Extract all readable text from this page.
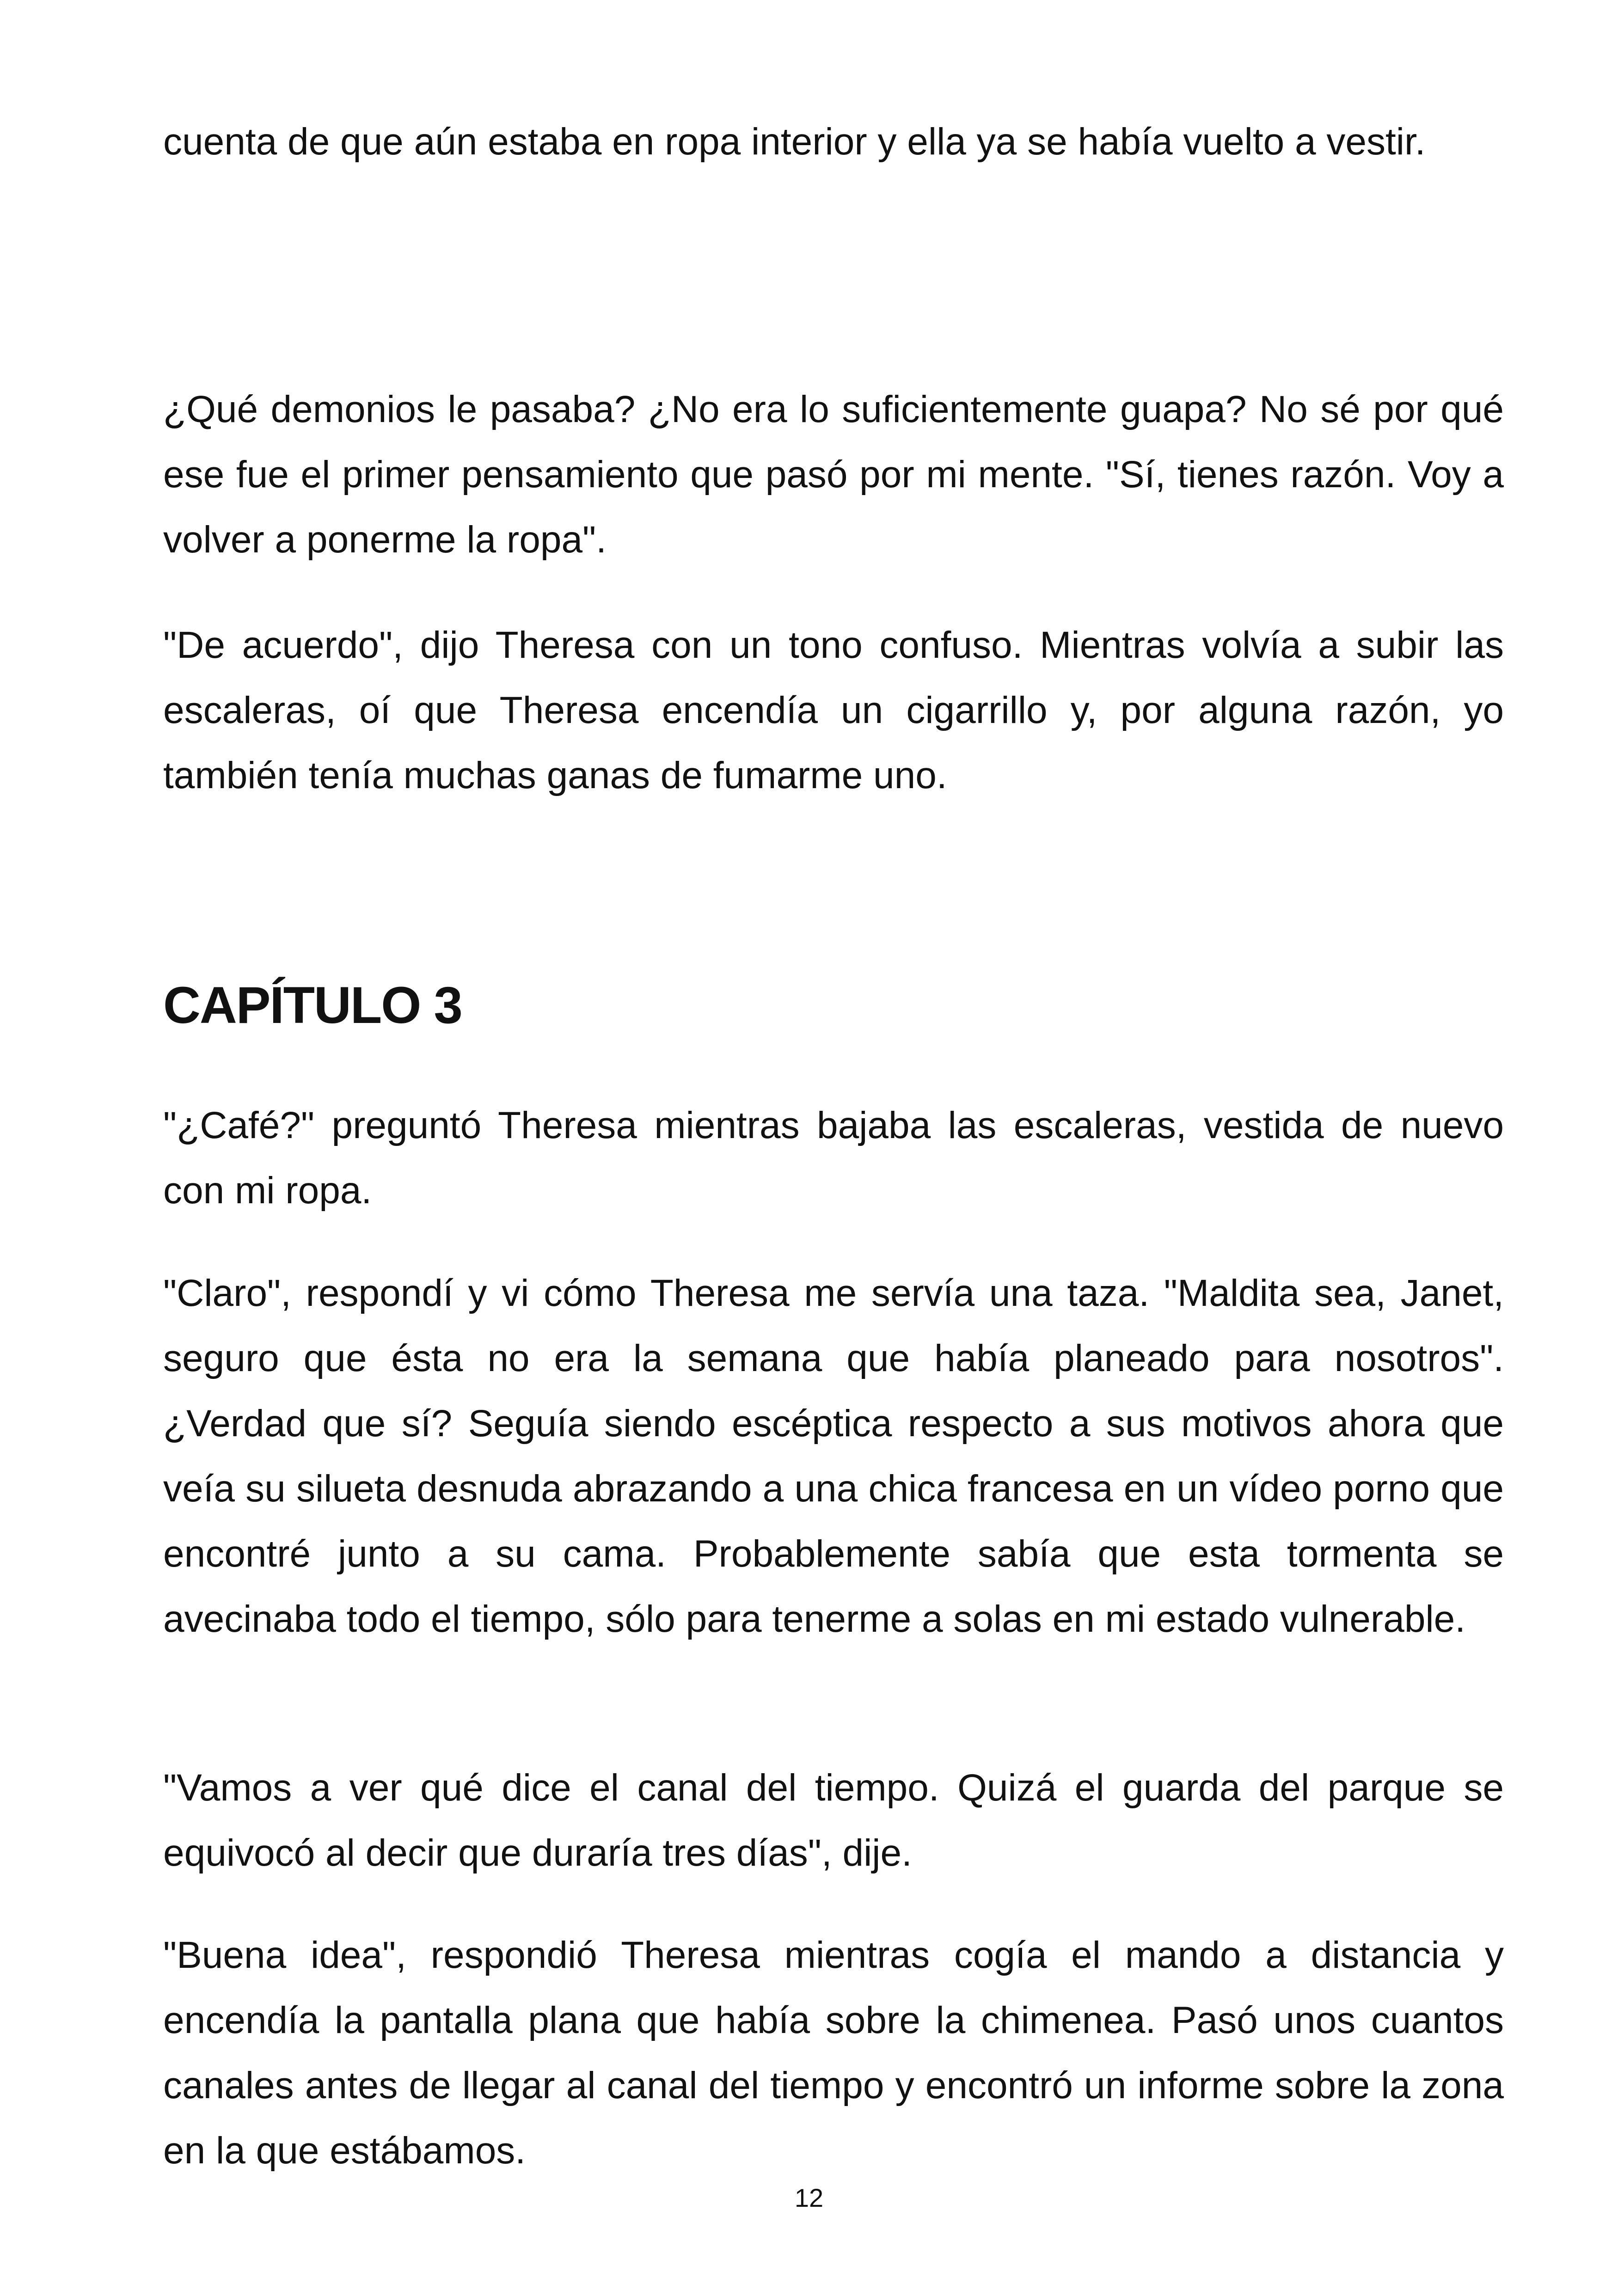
cuenta de que aún estaba en ropa interior y ella ya se había vuelto a vestir.

¿Qué demonios le pasaba? ¿No era lo suficientemente guapa? No sé por qué ese fue el primer pensamiento que pasó por mi mente. "Sí, tienes razón. Voy a volver a ponerme la ropa".

"De acuerdo", dijo Theresa con un tono confuso. Mientras volvía a subir las escaleras, oí que Theresa encendía un cigarrillo y, por alguna razón, yo también tenía muchas ganas de fumarme uno.

CAPÍTULO 3

"¿Café?" preguntó Theresa mientras bajaba las escaleras, vestida de nuevo con mi ropa.

"Claro", respondí y vi cómo Theresa me servía una taza. "Maldita sea, Janet, seguro que ésta no era la semana que había planeado para nosotros". ¿Verdad que sí? Seguía siendo escéptica respecto a sus motivos ahora que veía su silueta desnuda abrazando a una chica francesa en un vídeo porno que encontré junto a su cama. Probablemente sabía que esta tormenta se avecinaba todo el tiempo, sólo para tenerme a solas en mi estado vulnerable.

"Vamos a ver qué dice el canal del tiempo. Quizá el guarda del parque se equivocó al decir que duraría tres días", dije.

"Buena idea", respondió Theresa mientras cogía el mando a distancia y encendía la pantalla plana que había sobre la chimenea. Pasó unos cuantos canales antes de llegar al canal del tiempo y encontró un informe sobre la zona en la que estábamos.

12
